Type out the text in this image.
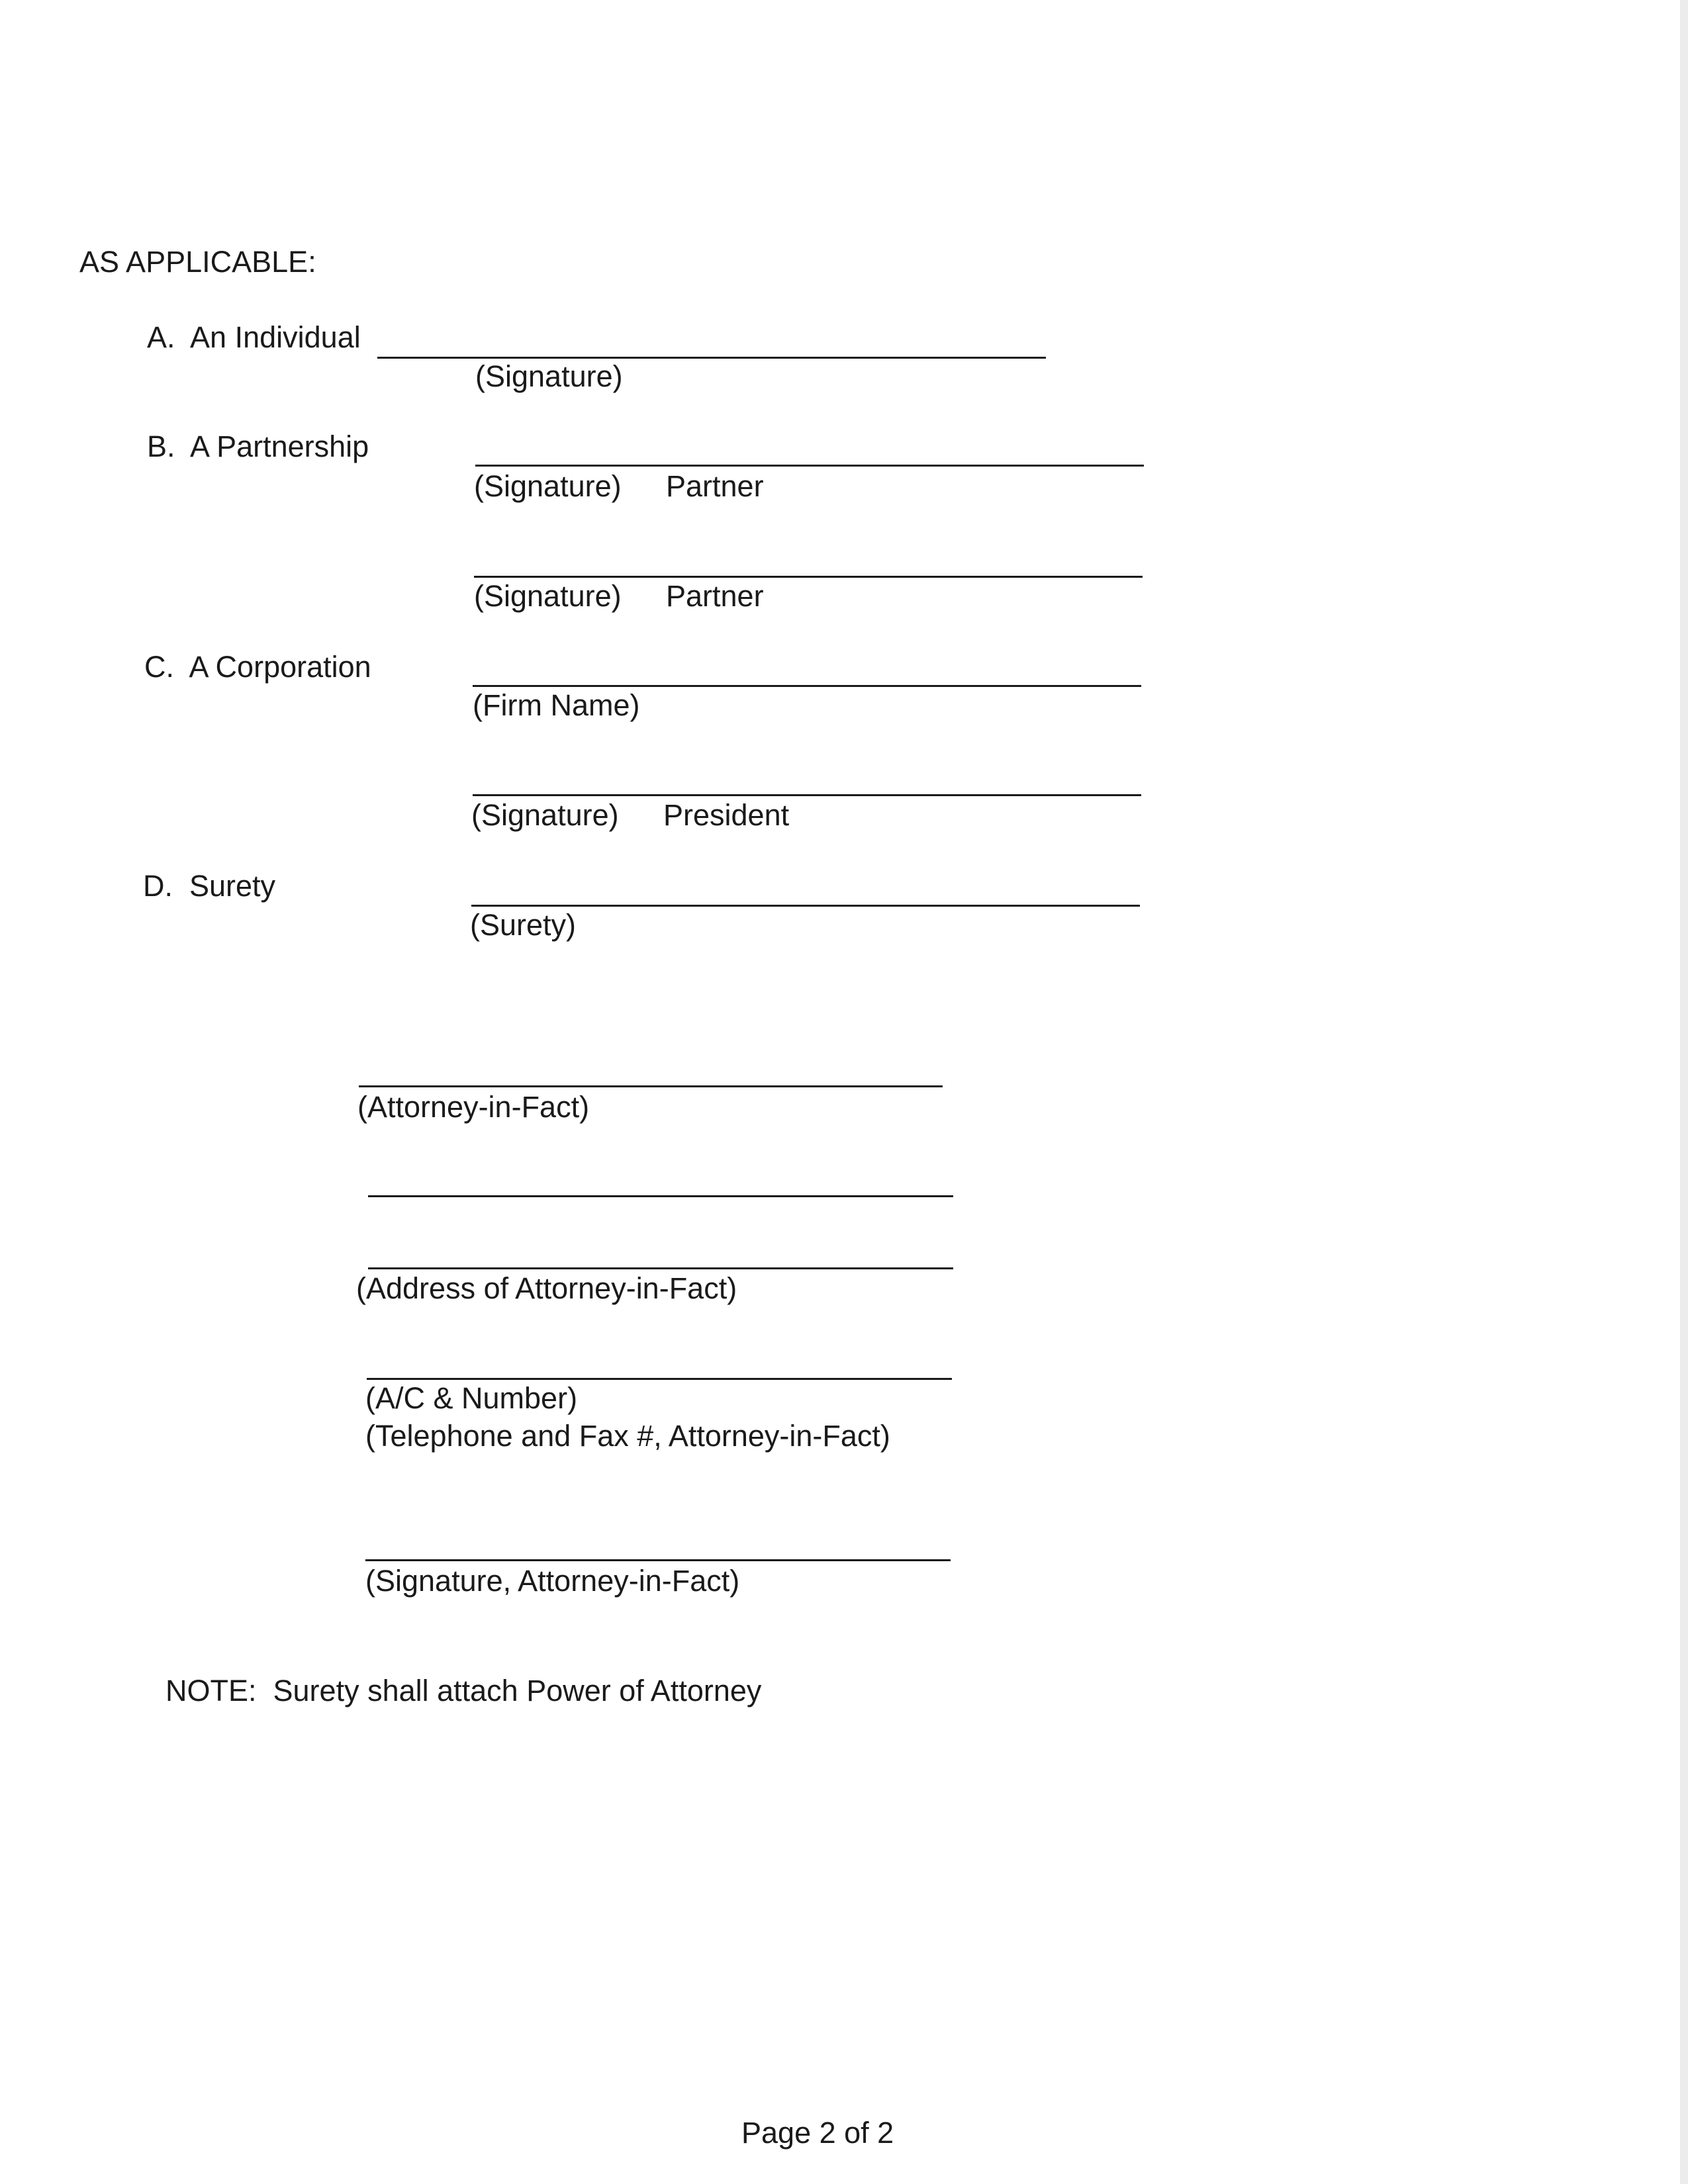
AS APPLICABLE:
A.  An Individual
(Signature)
B.  A Partnership
(Signature) Partner
(Signature) Partner
C.  A Corporation
(Firm Name)
(Signature) President
D.  Surety
(Surety)
(Attorney-in-Fact)
(Address of Attorney-in-Fact)
(A/C & Number)
(Telephone and Fax #, Attorney-in-Fact)
(Signature, Attorney-in-Fact)
NOTE:  Surety shall attach Power of Attorney
Page 2 of 2
